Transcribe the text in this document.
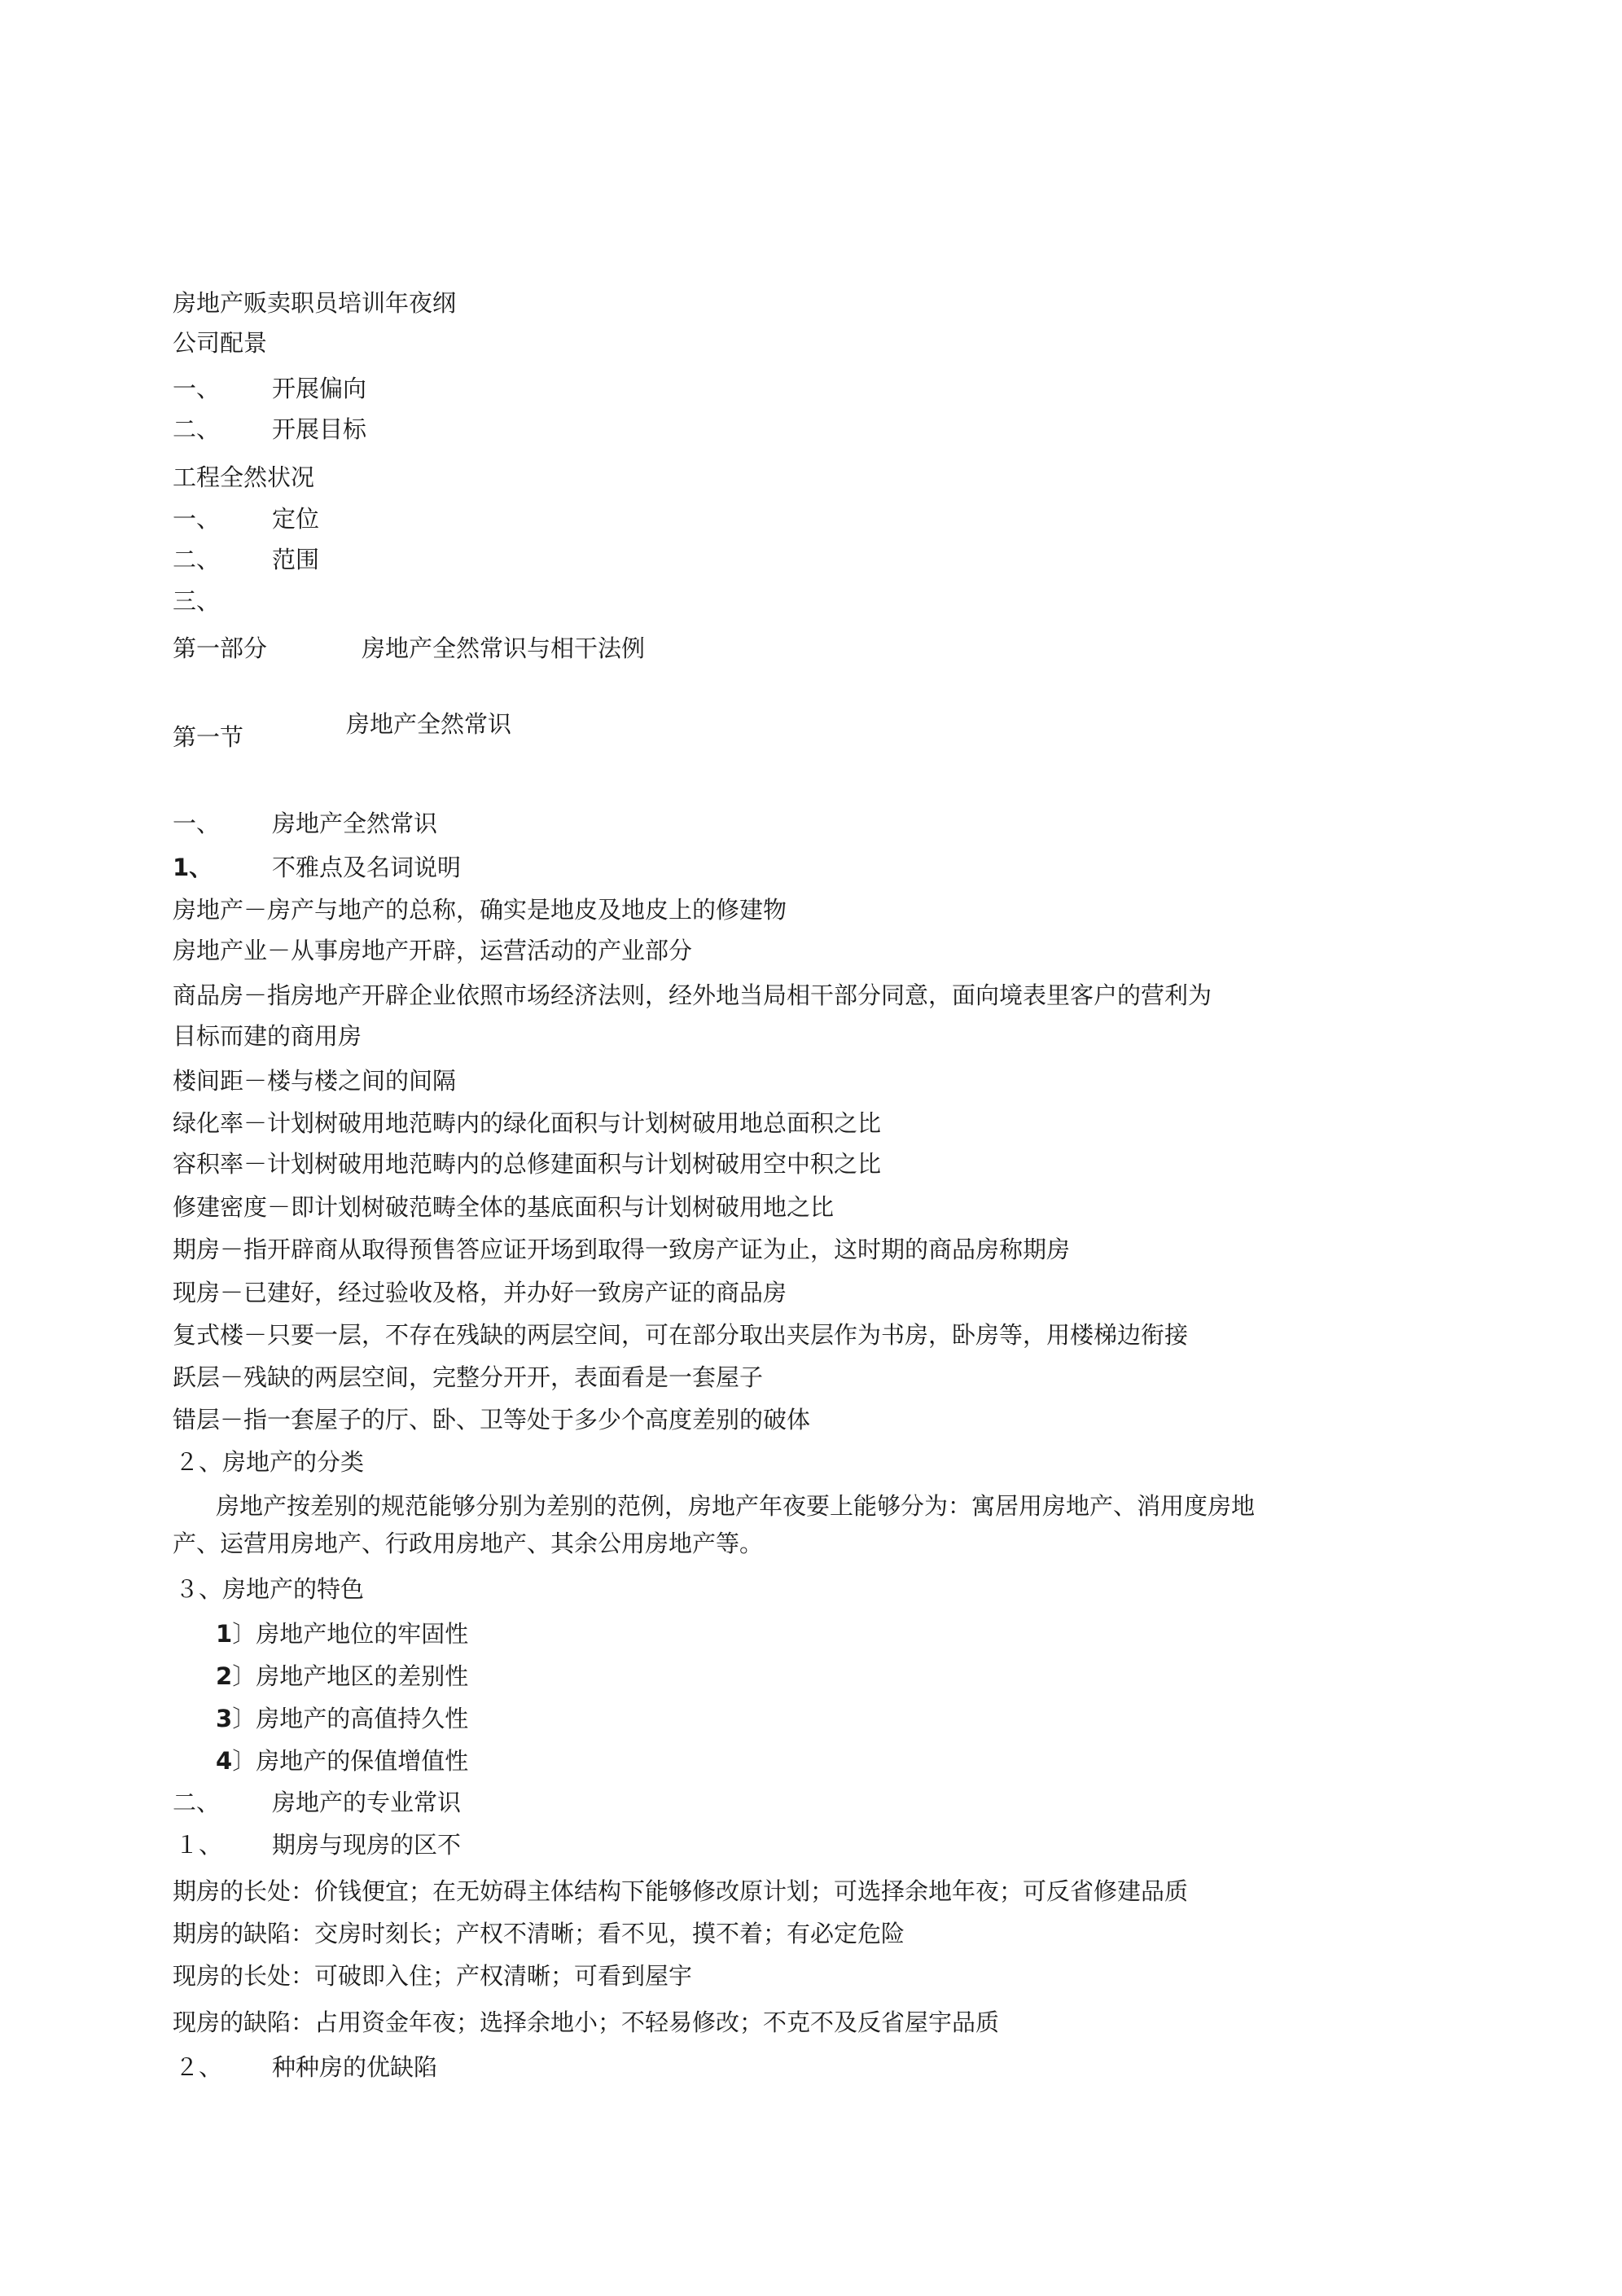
房地产贩卖职员培训年夜纲

公司配景

一、 开展偏向

二、 开展目标

工程全然状况

一、 定位

二、 范围

三、

第一部分	房地产全然常识与相干法例

第一节	房地产全然常识

一、 房地产全然常识

1、	不雅点及名词说明

房地产－房产与地产的总称，确实是地皮及地皮上的修建物

房地产业－从事房地产开辟，运营活动的产业部分

商品房－指房地产开辟企业依照市场经济法则，经外地当局相干部分同意，面向境表里客户的营利为

目标而建的商用房

楼间距－楼与楼之间的间隔

绿化率－计划树破用地范畴内的绿化面积与计划树破用地总面积之比

容积率－计划树破用地范畴内的总修建面积与计划树破用空中积之比

修建密度－即计划树破范畴全体的基底面积与计划树破用地之比

期房－指开辟商从取得预售答应证开场到取得一致房产证为止，这时期的商品房称期房

现房－已建好，经过验收及格，并办好一致房产证的商品房

复式楼－只要一层，不存在残缺的两层空间，可在部分取出夹层作为书房，卧房等，用楼梯边衔接

跃层－残缺的两层空间，完整分开开，表面看是一套屋子

错层－指一套屋子的厅、卧、卫等处于多少个高度差别的破体

２、房地产的分类

房地产按差别的规范能够分别为差别的范例，房地产年夜要上能够分为：寓居用房地产、消用度房地

产、运营用房地产、行政用房地产、其余公用房地产等。

３、房地产的特色

1〕房地产地位的牢固性

2〕房地产地区的差别性

3〕房地产的高值持久性

4〕房地产的保值增值性

二、 房地产的专业常识

１、 期房与现房的区不

期房的长处：价钱便宜；在无妨碍主体结构下能够修改原计划；可选择余地年夜；可反省修建品质

期房的缺陷：交房时刻长；产权不清晰；看不见，摸不着；有必定危险

现房的长处：可破即入住；产权清晰；可看到屋宇

现房的缺陷：占用资金年夜；选择余地小；不轻易修改；不克不及反省屋宇品质

２、 种种房的优缺陷
